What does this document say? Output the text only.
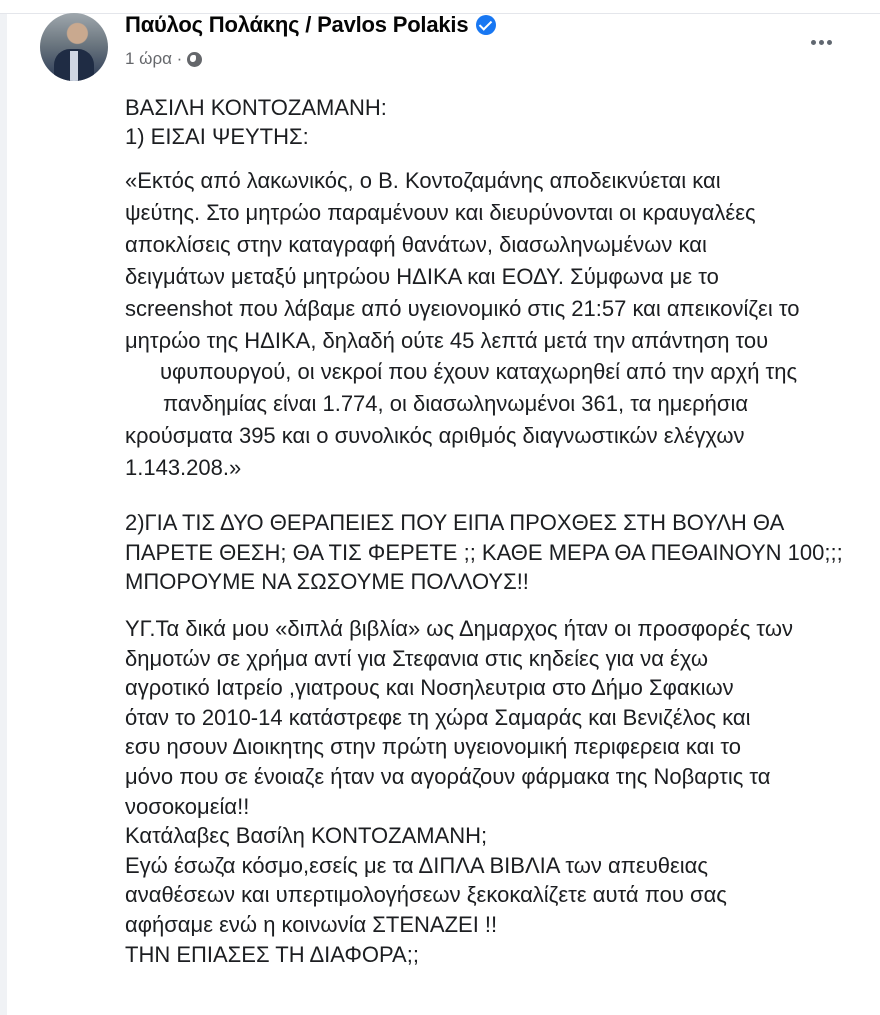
Παύλος Πολάκης / Pavlos Polakis
1 ώρα ·
ΒΑΣΙΛΗ ΚΟΝΤΟΖΑΜΑΝΗ:
1) ΕΙΣΑΙ ΨΕΥΤΗΣ:
«Εκτός από λακωνικός, ο Β. Κοντοζαμάνης αποδεικνύεται και
ψεύτης. Στο μητρώο παραμένουν και διευρύνονται οι κραυγαλέες
αποκλίσεις στην καταγραφή θανάτων, διασωληνωμένων και
δειγμάτων μεταξύ μητρώου ΗΔΙΚΑ και ΕΟΔΥ. Σύμφωνα με το
screenshot που λάβαμε από υγειονομικό στις 21:57 και απεικονίζει το
μητρώο της ΗΔΙΚΑ, δηλαδή ούτε 45 λεπτά μετά την απάντηση του
υφυπουργού, οι νεκροί που έχουν καταχωρηθεί από την αρχή της
πανδημίας είναι 1.774, οι διασωληνωμένοι 361, τα ημερήσια
κρούσματα 395 και ο συνολικός αριθμός διαγνωστικών ελέγχων
1.143.208.»
2)ΓΙΑ ΤΙΣ ΔΥΟ ΘΕΡΑΠΕΙΕΣ ΠΟΥ ΕΙΠΑ ΠΡΟΧΘΕΣ ΣΤΗ ΒΟΥΛΗ ΘΑ
ΠΑΡΕΤΕ ΘΕΣΗ; ΘΑ ΤΙΣ ΦΕΡΕΤΕ ;; ΚΑΘΕ ΜΕΡΑ ΘΑ ΠΕΘΑΙΝΟΥΝ 100;;;
ΜΠΟΡΟΥΜΕ ΝΑ ΣΩΣΟΥΜΕ ΠΟΛΛΟΥΣ!!
ΥΓ.Τα δικά μου «διπλά βιβλία» ως Δημαρχος ήταν οι προσφορές των
δημοτών σε χρήμα αντί για Στεφανια στις κηδείες για να έχω
αγροτικό Ιατρείο ,γιατρους και Νοσηλευτρια στο Δήμο Σφακιων
όταν το 2010-14 κατάστρεφε τη χώρα Σαμαράς και Βενιζέλος και
εσυ ησουν Διοικητης στην πρώτη υγειονομική περιφερεια και το
μόνο που σε ένοιαζε ήταν να αγοράζουν φάρμακα της Νοβαρτις τα
νοσοκομεία!!
Κατάλαβες Βασίλη ΚΟΝΤΟΖΑΜΑΝΗ;
Εγώ έσωζα κόσμο,εσείς με τα ΔΙΠΛΑ ΒΙΒΛΙΑ των απευθειας
αναθέσεων και υπερτιμολογήσεων ξεκοκαλίζετε αυτά που σας
αφήσαμε ενώ η κοινωνία ΣΤΕΝΑΖΕΙ !!
ΤΗΝ ΕΠΙΑΣΕΣ ΤΗ ΔΙΑΦΟΡΑ;;
